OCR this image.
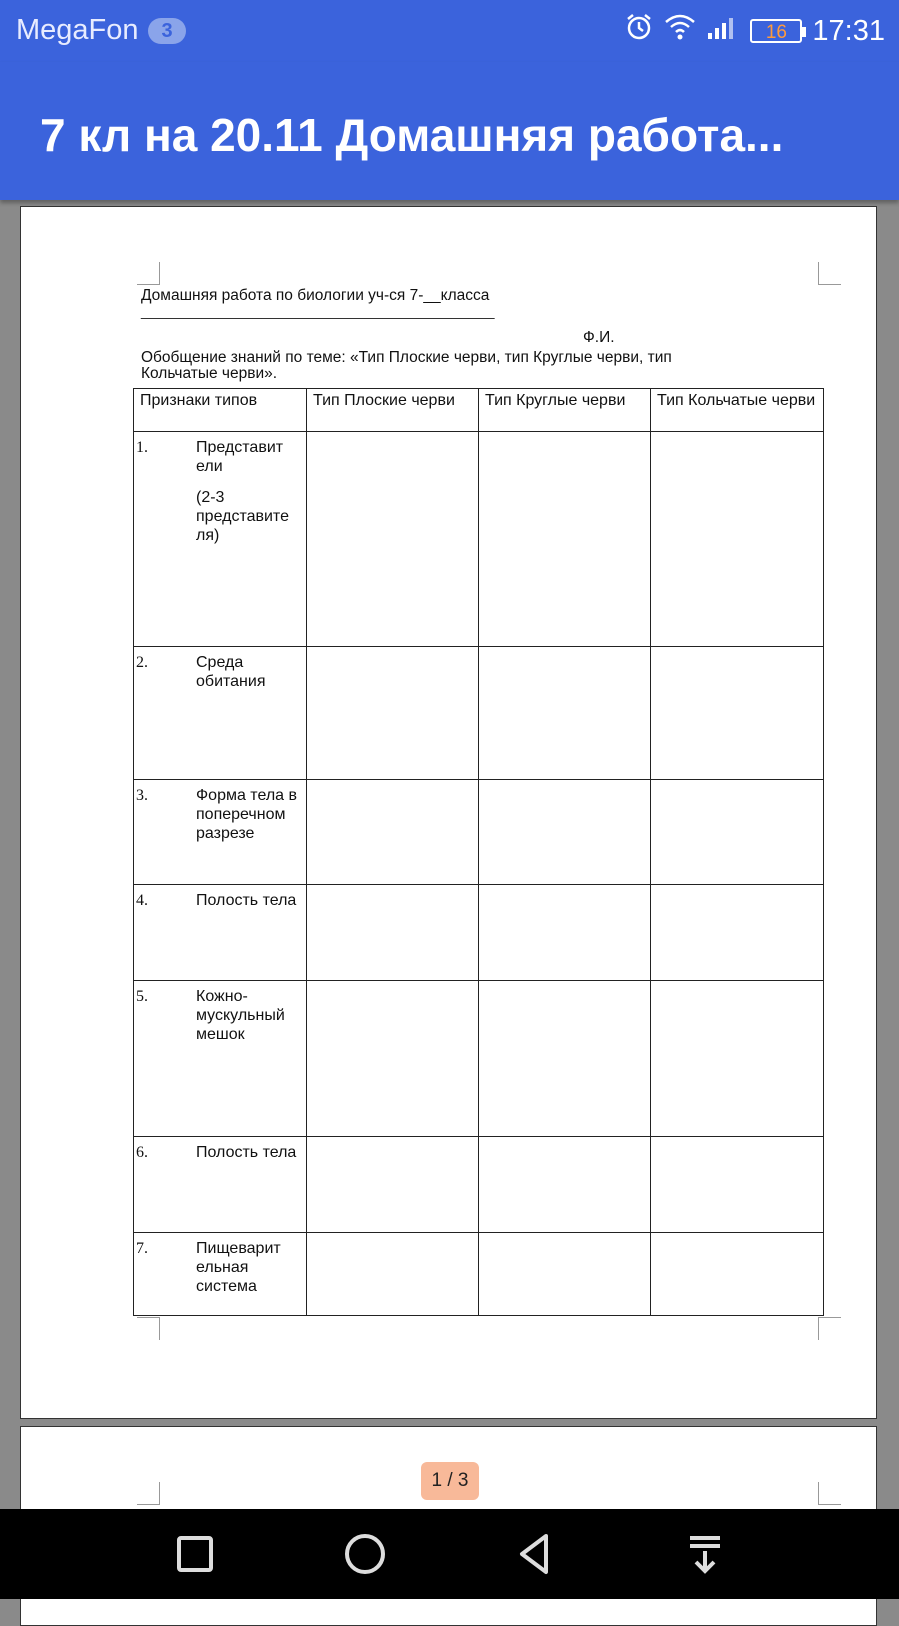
MegaFon	3	16 17:31
7 кл на 20.11 Домашняя работа...
Домашняя работа по биологии уч-ся 7-__класса
_________________________________________
Ф.И.
Обобщение знаний по теме: «Тип Плоские черви, тип Круглые черви, тип
Кольчатые черви».
Признаки типов	Тип Плоские черви	Тип Круглые черви	Тип Кольчатые черви

1. Представит ели
(2-3 представите ля)			

2. Среда обитания			

3. Форма тела в поперечном разрезе			

4. Полость тела			

5. Кожно-мускульный мешок			

6. Полость тела			

7. Пищеварит ельная система			

1 / 3
